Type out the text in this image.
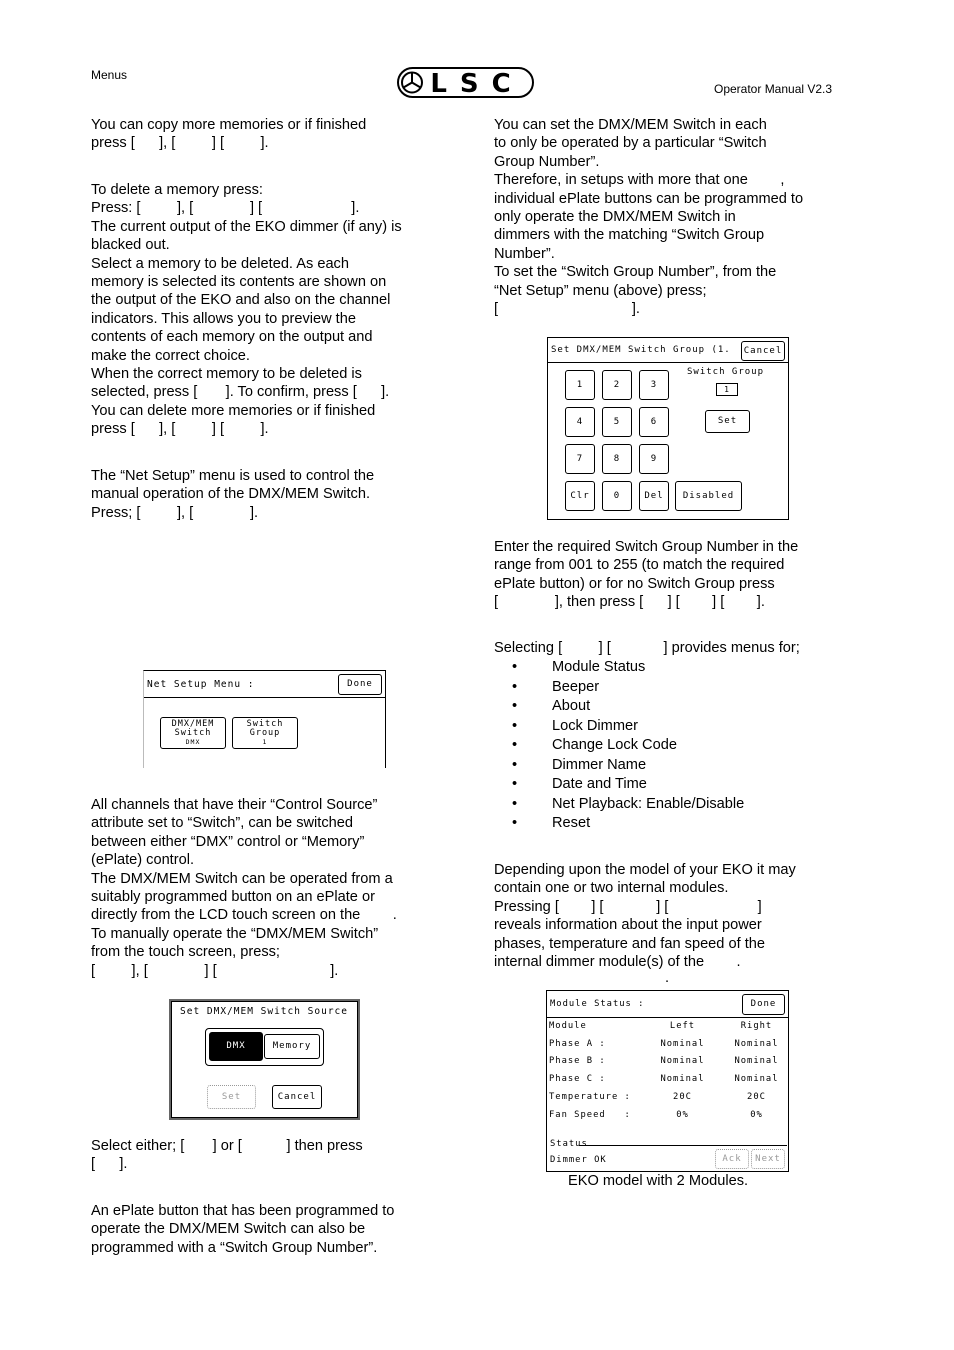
Menus
Operator Manual V2.3
LSC
You can copy more memories or if finished
press [      ], [         ] [         ].
To delete a memory press:
Press: [         ], [              ] [                      ].
The current output of the EKO dimmer (if any) is
blacked out.
Select a memory to be deleted. As each
memory is selected its contents are shown on
the output of the EKO and also on the channel
indicators. This allows you to preview the
contents of each memory on the output and
make the correct choice.
When the correct memory to be deleted is
selected, press [       ]. To confirm, press [      ].
You can delete more memories or if finished
press [      ], [         ] [         ].
The “Net Setup” menu is used to control the
manual operation of the DMX/MEM Switch.
Press; [         ], [              ].
Net Setup Menu :	Done
DMX/MEM
Switch
DMX
Switch
Group
1
All channels that have their “Control Source”
attribute set to “Switch”, can be switched
between either “DMX” control or “Memory”
(ePlate) control.
The DMX/MEM Switch can be operated from a
suitably programmed button on an ePlate or
directly from the LCD touch screen on the        .
To manually operate the “DMX/MEM Switch”
from the touch screen, press;
[         ], [              ] [                            ].
Set DMX/MEM Switch Source
DMX	Memory
Set	Cancel
Select either; [       ] or [           ] then press
[      ].
An ePlate button that has been programmed to
operate the DMX/MEM Switch can also be
programmed with a “Switch Group Number”.
You can set the DMX/MEM Switch in each
to only be operated by a particular “Switch
Group Number”.
Therefore, in setups with more that one        ,
individual ePlate buttons can be programmed to
only operate the DMX/MEM Switch in
dimmers with the matching “Switch Group
Number”.
To set the “Switch Group Number”, from the
“Net Setup” menu (above) press;
[                                 ].
Set DMX/MEM Switch Group (1.	Cancel
1	2	3
4	5	6
7	8	9
Clr	0	Del	Disabled
Switch Group
1
Set
Enter the required Switch Group Number in the
range from 001 to 255 (to match the required
ePlate button) or for no Switch Group press
[              ], then press [      ] [        ] [        ].
Selecting [         ] [             ] provides menus for;
• Module Status
• Beeper
• About
• Lock Dimmer
• Change Lock Code
• Dimmer Name
• Date and Time
• Net Playback: Enable/Disable
• Reset
Depending upon the model of your EKO it may
contain one or two internal modules.
Pressing [        ] [             ] [                      ]
reveals information about the input power
phases, temperature and fan speed of the
internal dimmer module(s) of the        .
.
Module Status :	Done
Module	Left	Right
Phase A :	Nominal	Nominal
Phase B :	Nominal	Nominal
Phase C :	Nominal	Nominal
Temperature :	20C	20C
Fan Speed   :	0%	0%
Status
Dimmer OK	Ack	Next
EKO model with 2 Modules.
